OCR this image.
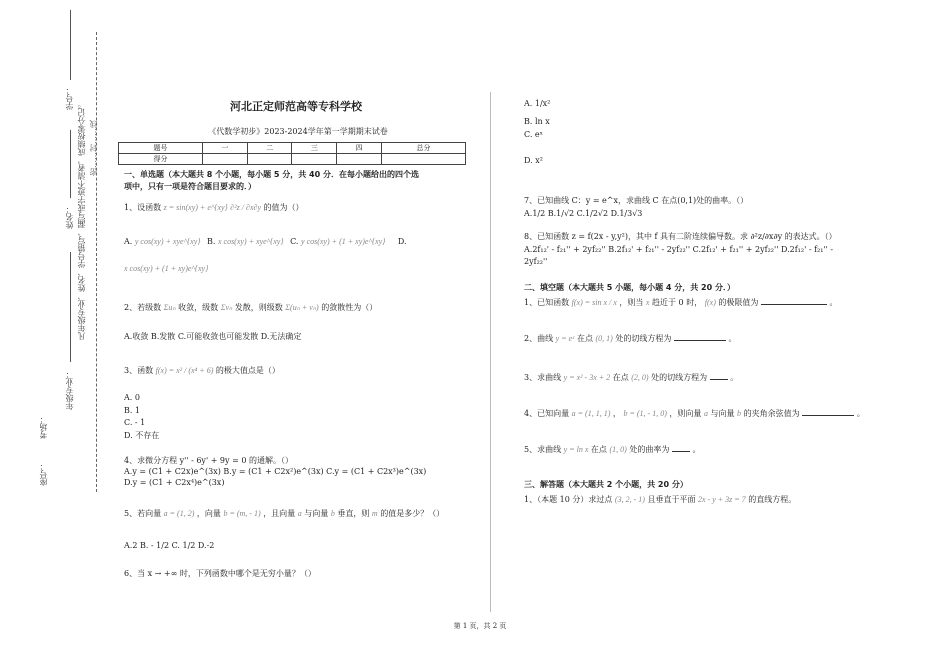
学号：
姓名：
年级专业：
考场：
座号：
密……封……线
凡年级专业、姓名、学号错写、漏写或字迹不清者，成绩按零分记。	河北正定师范高等专科学校
《代数学初步》2023-2024学年第一学期期末试卷
题号	一	二	三	四	总分
得分					
一、单选题（本大题共 8 个小题，每小题 5 分，共 40 分．在每小题给出的四个选
项中，只有一项是符合题目要求的．）
1、设函数 z = sin(xy) + e^{xy} ∂²z / ∂x∂y 的值为（）
A. y cos(xy) + xye^{xy} B. x cos(xy) + xye^{xy} C. y cos(xy) + (1 + xy)e^{xy} D.
x cos(xy) + (1 + xy)e^{xy}
2、若级数 Σuₙ 收敛，级数 Σvₙ 发散，则级数 Σ(uₙ + vₙ) 的敛散性为（）
A.收敛 B.发散 C.可能收敛也可能发散 D.无法确定
3、函数 f(x) = x² / (x⁴ + 6) 的极大值点是（）
A. 0
B. 1
C. - 1
D. 不存在
4、求微分方程 y'' - 6y' + 9y = 0 的通解。（）
A.y = (C1 + C2x)e^(3x) B.y = (C1 + C2x²)e^(3x) C.y = (C1 + C2x³)e^(3x)
D.y = (C1 + C2x⁴)e^(3x)
5、若向量 a = (1, 2) ，向量 b = (m, - 1) ，且向量 a 与向量 b 垂直，则 m 的值是多少？（）
A.2 B. - 1/2 C. 1/2 D.-2
6、当 x → +∞ 时，下列函数中哪个是无穷小量？（）
A. 1/x²
B. ln x
C. eˣ
D. x²
7、已知曲线 C：y = e^x，求曲线 C 在点(0,1)处的曲率。（）
A.1/2 B.1/√2 C.1/2√2 D.1/3√3
8、已知函数 z = f(2x - y,y²)，其中 f 具有二阶连续偏导数。求 ∂²z/∂x∂y 的表达式。（）
A.2f₁₂' - f₂₁'' + 2yf₂₂'' B.2f₁₂' + f₂₁'' - 2yf₂₂'' C.2f₁₂' + f₂₁'' + 2yf₂₂'' D.2f₁₂' - f₂₁'' -
2yf₂₂''
二、填空题（本大题共 5 小题，每小题 4 分，共 20 分．）
1、已知函数 f(x) = sin x / x ，则当 x 趋近于 0 时， f(x) 的极限值为	。
2、曲线 y = eˣ 在点 (0, 1) 处的切线方程为	。
3、求曲线 y = x² - 3x + 2 在点 (2, 0) 处的切线方程为	。
4、已知向量 a = (1, 1, 1) ， b = (1, - 1, 0) ，则向量 a 与向量 b 的夹角余弦值为	。
5、求曲线 y = ln x 在点 (1, 0) 处的曲率为	。
三、解答题（本大题共 2 个小题，共 20 分）
1、（本题 10 分）求过点 (3, 2, - 1) 且垂直于平面 2x - y + 3z = 7 的直线方程。
第 1 页，共 2 页
